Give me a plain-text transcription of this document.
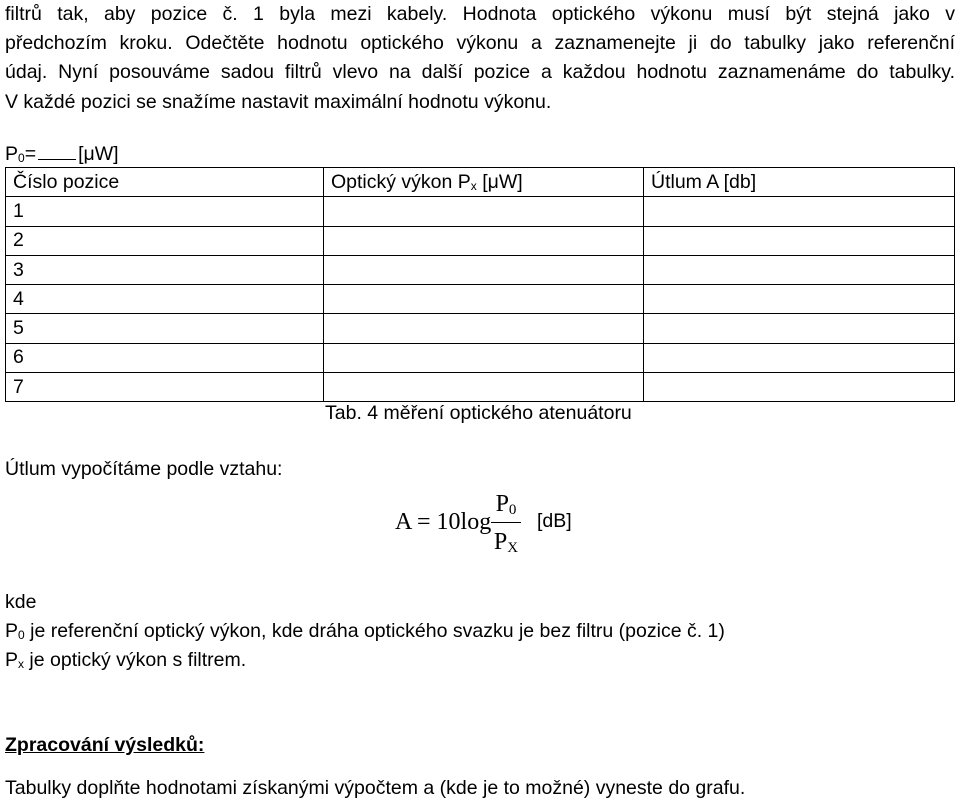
filtrů tak, aby pozice č. 1 byla mezi kabely. Hodnota optického výkonu musí být stejná jako v
předchozím kroku. Odečtěte hodnotu optického výkonu a zaznamenejte ji do tabulky jako referenční
údaj. Nyní posouváme sadou filtrů vlevo na další pozice a každou hodnotu zaznamenáme do tabulky.
V každé pozici se snažíme nastavit maximální hodnotu výkonu.
$P_0= [\mu W]$
Číslo pozice	Optický výkon $P_x$ [μW]	Útlum A [db]
1		
2		
3		
4		
5		
6		
7		
Tab. 4 měření optického atenuátoru
Útlum vypočítáme podle vztahu:
A = 10log
P0
PX
[dB]
kde
$P_0$ je referenční optický výkon, kde dráha optického svazku je bez filtru (pozice č. 1)
$P_x$ je optický výkon s filtrem.
Zpracování výsledků:
Tabulky doplňte hodnotami získanými výpočtem a (kde je to možné) vyneste do grafu.
